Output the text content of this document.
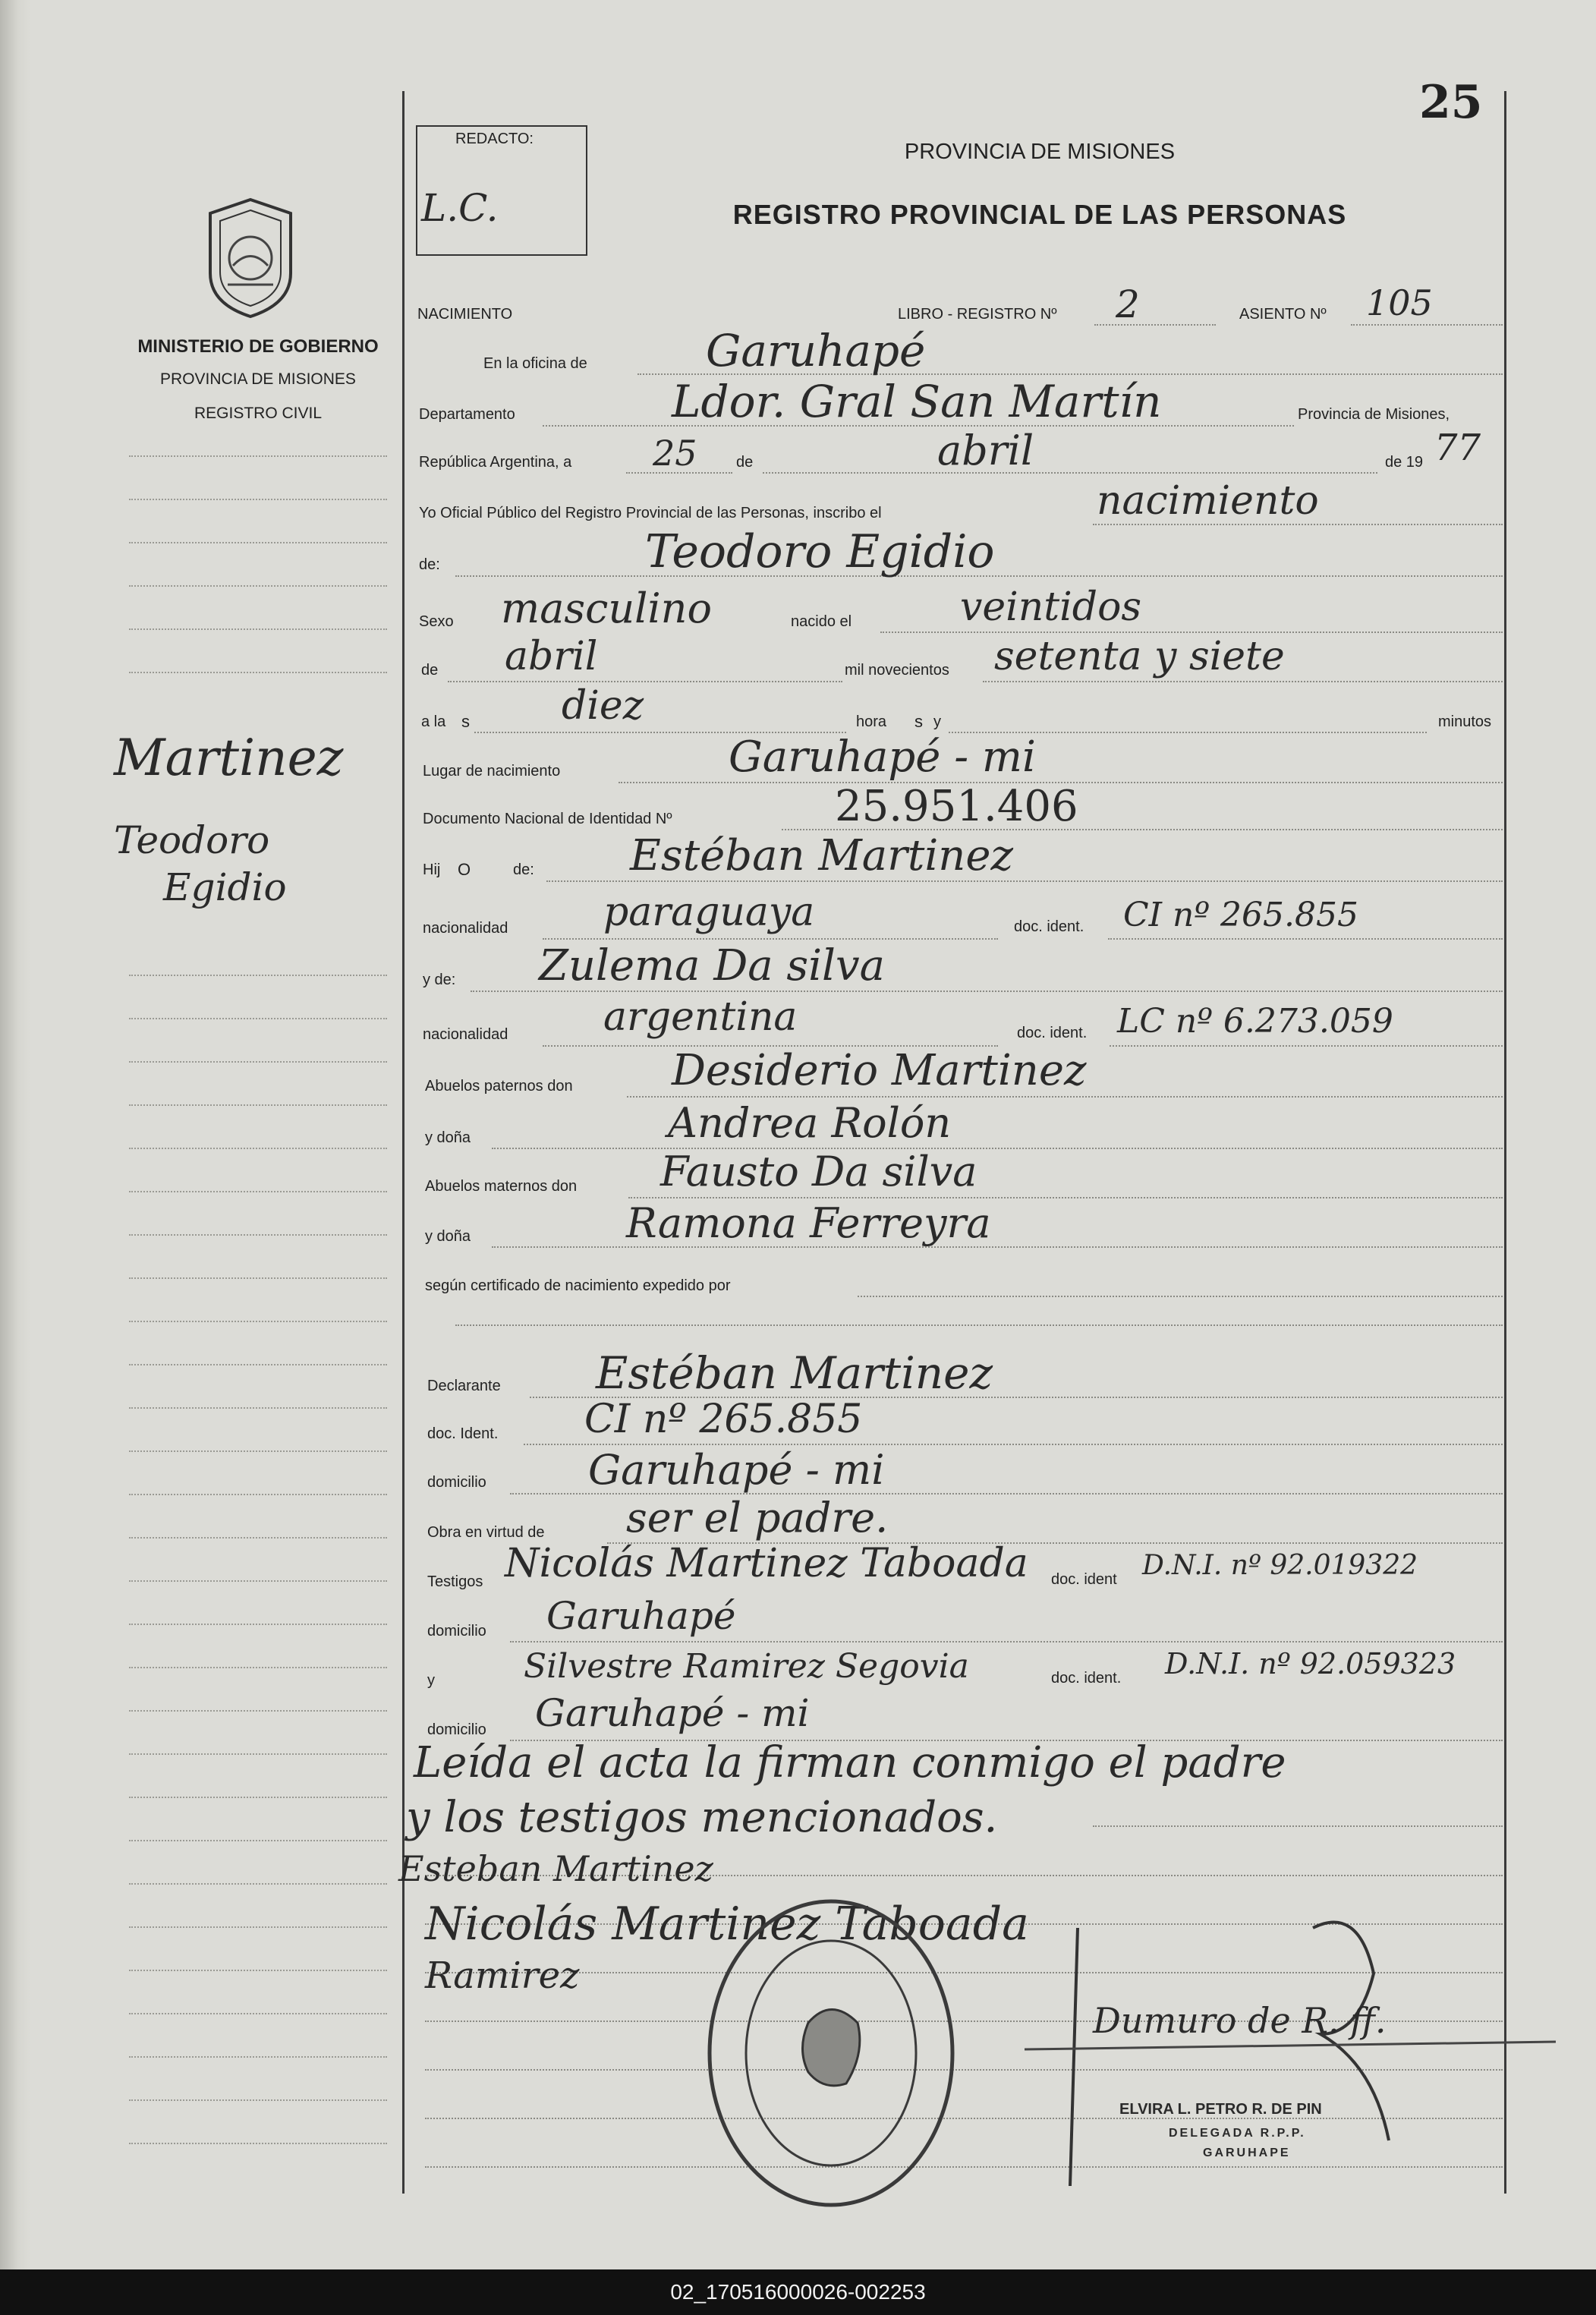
MINISTERIO DE GOBIERNO
PROVINCIA DE MISIONES
REGISTRO CIVIL
Martinez
Teodoro
Egidio
25
REDACTO:
L.C.
PROVINCIA DE MISIONES
REGISTRO PROVINCIAL DE LAS PERSONAS
NACIMIENTO	LIBRO - REGISTRO Nº 2	ASIENTO Nº 105
En la oficina de	Garuhapé
Departamento	Ldor. Gral San Martín	Provincia de Misiones,
República Argentina, a 25	de	abril	de 19 77
Yo Oficial Público del Registro Provincial de las Personas, inscribo el	nacimiento
de:	Teodoro Egidio
Sexo masculino	nacido el	veintidos
de abril	mil novecientos setenta y siete
a la s diez	hora s y	minutos
Lugar de nacimiento	Garuhapé - mi
Documento Nacional de Identidad Nº	25.951.406
Hij O	de: Estéban Martinez
nacionalidad paraguaya	doc. ident. CI nº 265.855
y de: Zulema Da silva
nacionalidad argentina	doc. ident. LC nº 6.273.059
Abuelos paternos don Desiderio Martinez
y doña	Andrea Rolón
Abuelos maternos don Fausto Da silva
y doña	Ramona Ferreyra
según certificado de nacimiento expedido por
Declarante Estéban Martinez
doc. Ident. CI nº 265.855
domicilio Garuhapé - mi
Obra en virtud de ser el padre.
Testigos Nicolás Martinez Taboada doc. ident D.N.I. nº 92.019322
domicilio Garuhapé
y	Silvestre Ramirez Segovia	doc. ident. D.N.I. nº 92.059323
domicilio Garuhapé - mi
Leída el acta la firman conmigo el padre
y los testigos mencionados.
Esteban Martinez
Nicolás Martinez Taboada
Ramirez
Dumuro de R. ff.
ELVIRA L. PETRO R. DE PIN
DELEGADA R.P.P.
GARUHAPE
02_170516000026-002253
